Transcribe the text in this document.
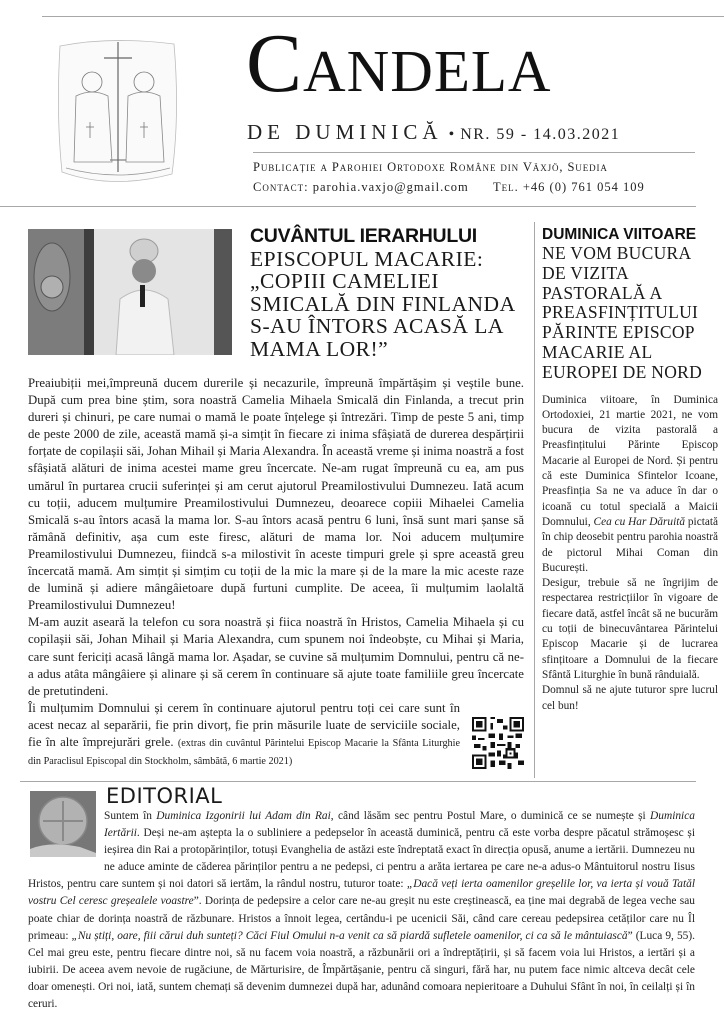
Candela
DE DUMINICĂ • NR. 59 - 14.03.2021
Publicație a Parohiei Ortodoxe Române din Växjö, Suedia
Contact: parohia.vaxjo@gmail.com Tel. +46 (0) 761 054 109
CUVÂNTUL IERARHULUI
EPISCOPUL MACARIE: „COPIII CAMELIEI SMICALĂ DIN FINLANDA S-AU ÎNTORS ACASĂ LA MAMA LOR!”

Preaiubiții mei,împreună ducem durerile și necazurile, împreună împărtășim și veștile bune. După cum prea bine știm, sora noastră Camelia Mihaela Smicală din Finlanda, a trecut prin dureri și chinuri, pe care numai o mamă le poate înțelege și întrezări. Timp de peste 5 ani, timp de peste 2000 de zile, această mamă și-a simțit în fiecare zi inima sfâșiată de durerea despărțirii forțate de copilașii săi, Johan Mihail și Maria Alexandra. În această vreme și inima noastră a fost sfâșiată alături de inima acestei mame greu încercate. Ne-am rugat împreună cu ea, am pus umărul în purtarea crucii suferinței și am cerut ajutorul Preamilostivului Dumnezeu. Iată acum cu toții, aducem mulțumire Preamilostivului Dumnezeu, deoarece copiii Mihaelei Camelia Smicală s-au întors acasă la mama lor. S-au întors acasă pentru 6 luni, însă sunt mari șanse să rămână definitiv, așa cum este firesc, alături de mama lor. Noi aducem mulțumire Preamilostivului Dumnezeu, fiindcă s-a milostivit în aceste timpuri grele și spre această greu încercată mamă. Am simțit și simțim cu toții de la mic la mare și de la mare la mic aceste raze de lumină și adiere mângâietoare după furtuni cumplite. De aceea, îi mulțumim laolaltă Preamilostivului Dumnezeu!

M-am auzit aseară la telefon cu sora noastră și fiica noastră în Hristos, Camelia Mihaela și cu copilașii săi, Johan Mihail și Maria Alexandra, cum spunem noi îndeobște, cu Mihai și Maria, care sunt fericiți acasă lângă mama lor. Așadar, se cuvine să mulțumim Domnului, pentru că ne-a adus atâta mângâiere și alinare și să cerem în continuare să ajute toate familiile greu încercate de pretutindeni.

Îi mulțumim Domnului și cerem în continuare ajutorul pentru toți cei care sunt în acest necaz al separării, fie prin divorț, fie prin măsurile luate de serviciile sociale, fie în alte împrejurări grele. (extras din cuvântul Părintelui Episcop Macarie la Sfânta Liturghie din Paraclisul Episcopal din Stockholm, sâmbătă, 6 martie 2021)

DUMINICA VIITOARE
NE VOM BUCURA DE VIZITA PASTORALĂ A PREASFINȚITULUI PĂRINTE EPISCOP MACARIE AL EUROPEI DE NORD

Duminica viitoare, în Duminica Ortodoxiei, 21 martie 2021, ne vom bucura de vizita pastorală a Preasfințitului Părinte Episcop Macarie al Europei de Nord. Și pentru că este Duminica Sfintelor Icoane, Preasfinția Sa ne va aduce în dar o icoană cu totul specială a Maicii Domnului, Cea cu Har Dăruită pictată în chip deosebit pentru parohia noastră de pictorul Mihai Coman din București.

Desigur, trebuie să ne îngrijim de respectarea restricțiilor în vigoare de fiecare dată, astfel încât să ne bucurăm cu toții de binecuvântarea Părintelui Episcop Macarie și de lucrarea sfințitoare a Domnului de la fiecare Sfântă Liturghie în bună rânduială.

Domnul să ne ajute tuturor spre lucrul cel bun!

EDITORIAL
Suntem în Duminica Izgonirii lui Adam din Rai, când lăsăm sec pentru Postul Mare, o duminică ce se numește și Duminica Iertării. Deși ne-am aștepta la o subliniere a pedepselor în această duminică, pentru că este vorba despre păcatul strămoșesc și ieșirea din Rai a protopărinților, totuși Evanghelia de astăzi este îndreptată exact în direcția opusă, anume a iertării. Dumnezeu nu ne aduce aminte de căderea părinților pentru a ne pedepsi, ci pentru a arăta iertarea pe care ne-a adus-o Mântuitorul nostru Iisus Hristos, pentru care suntem și noi datori să iertăm, la rândul nostru, tuturor toate: „Dacă veți ierta oamenilor greșelile lor, va ierta și vouă Tatăl vostru Cel ceresc greșealele voastre”. Dorința de pedepsire a celor care ne-au greșit nu este creștinească, ea ține mai degrabă de legea veche sau poate chiar de dorința noastră de răzbunare. Hristos a înnoit legea, certându-i pe ucenicii Săi, când care cereau pedepsirea cetăților care nu Îl primeau: „Nu știți, oare, fiii cărui duh sunteți? Căci Fiul Omului n-a venit ca să piardă sufletele oamenilor, ci ca să le mântuiască” (Luca 9, 55). Cel mai greu este, pentru fiecare dintre noi, să nu facem voia noastră, a răzbunării ori a îndreptățirii, și să facem voia lui Hristos, a iertări și a iubirii. De aceea avem nevoie de rugăciune, de Mărturisire, de Împărtășanie, pentru că singuri, fără har, nu putem face nimic altceva decât cele doar omenești. Ori noi, iată, suntem chemați să devenim dumnezei după har, adunând comoara nepieritoare a Duhului Sfânt în noi, în ceilalți și în ceruri.
